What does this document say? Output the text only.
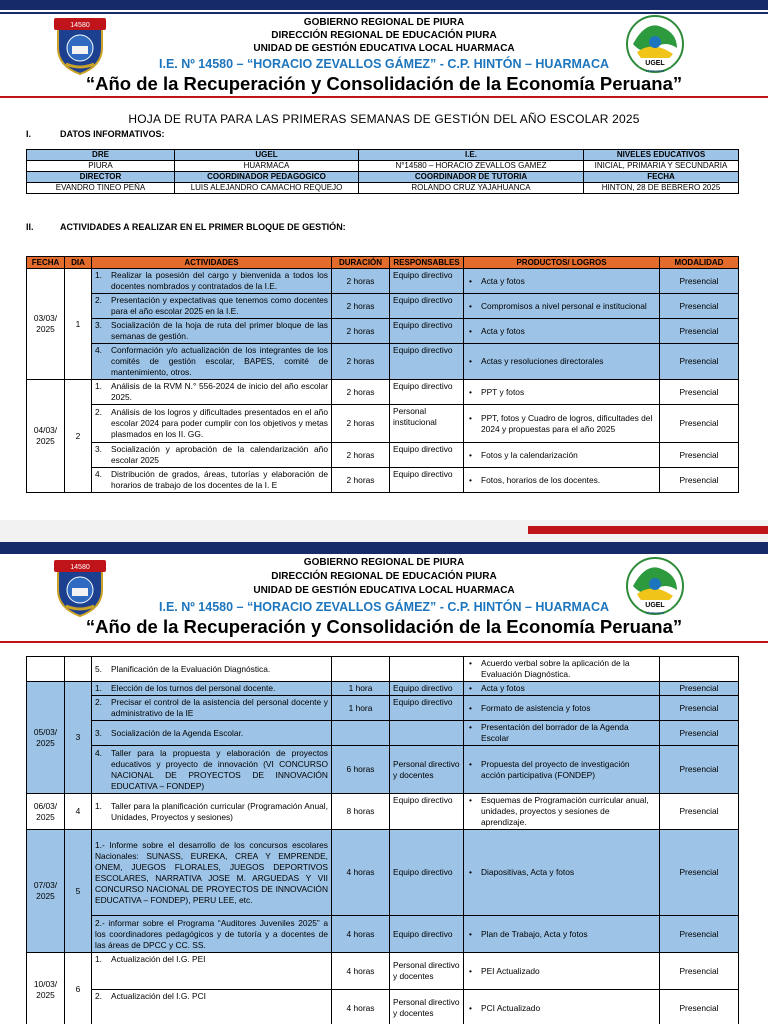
14580
UGEL
Huarmaca
GOBIERNO REGIONAL DE PIURA
DIRECCIÓN REGIONAL DE EDUCACIÓN PIURA
UNIDAD DE GESTIÓN EDUCATIVA LOCAL HUARMACA
I.E. Nº 14580 – “HORACIO ZEVALLOS GÁMEZ” - C.P. HINTÓN – HUARMACA
“Año de la Recuperación y Consolidación de la Economía Peruana”
HOJA DE RUTA PARA LAS PRIMERAS SEMANAS DE GESTIÓN DEL AÑO ESCOLAR 2025
I.	DATOS INFORMATIVOS:
DRE	UGEL	I.E.	NIVELES EDUCATIVOS
PIURA	HUARMACA	N°14580 – HORACIO ZEVALLOS GAMEZ	INICIAL, PRIMARIA Y SECUNDARIA
DIRECTOR	COORDINADOR PEDAGOGICO	COORDINADOR DE TUTORIA	FECHA
EVANDRO TINEO PEÑA	LUIS ALEJANDRO CAMACHO REQUEJO	ROLANDO CRUZ YAJAHUANCA	HINTON, 28 DE BEBRERO 2025
II.	ACTIVIDADES A REALIZAR EN EL PRIMER BLOQUE DE GESTIÓN:
FECHA	DIA	ACTIVIDADES	DURACIÓN	RESPONSABLES	PRODUCTOS/ LOGROS	MODALIDAD
03/03/ 2025	1	1. Realizar la posesión del cargo y bienvenida a todos los docentes nombrados y contratados de la I.E.	2 horas	Equipo directivo	• Acta y fotos	Presencial

		2. Presentación y expectativas que tenemos como docentes para el año escolar 2025 en la I.E.	2 horas	Equipo directivo	• Compromisos a nivel personal e institucional	Presencial

		3. Socialización de la hoja de ruta del primer bloque de las semanas de gestión.	2 horas	Equipo directivo	• Acta y fotos	Presencial

		4. Conformación y/o actualización de los integrantes de los comités de gestión escolar, BAPES, comité de mantenimiento, otros.	2 horas	Equipo directivo	• Actas y resoluciones directorales	Presencial
04/03/ 2025	2	1. Análisis de la RVM N.° 556-2024 de inicio del año escolar 2025.	2 horas	Equipo directivo	• PPT y fotos	Presencial

		2. Análisis de los logros y dificultades presentados en el año escolar 2024 para poder cumplir con los objetivos y metas plasmados en los II. GG.	2 horas	Personal institucional	• PPT, fotos y Cuadro de logros, dificultades del 2024 y propuestas para el año 2025	Presencial

		3. Socialización y aprobación de la calendarización año escolar 2025	2 horas	Equipo directivo	• Fotos y la calendarización	Presencial

		4. Distribución de grados, áreas, tutorías y elaboración de horarios de trabajo de los docentes de la I. E	2 horas	Equipo directivo	• Fotos, horarios de los docentes.	Presencial
14580
UGEL
Huarmaca
GOBIERNO REGIONAL DE PIURA
DIRECCIÓN REGIONAL DE EDUCACIÓN PIURA
UNIDAD DE GESTIÓN EDUCATIVA LOCAL HUARMACA
I.E. Nº 14580 – “HORACIO ZEVALLOS GÁMEZ” - C.P. HINTÓN – HUARMACA
“Año de la Recuperación y Consolidación de la Economía Peruana”

		5. Planificación de la Evaluación Diagnóstica.			• Acuerdo verbal sobre la aplicación de la Evaluación Diagnóstica.

05/03/ 2025	3	1. Elección de los turnos del personal docente.	1 hora	Equipo directivo	• Acta y fotos	Presencial

		2. Precisar el control de la asistencia del personal docente y administrativo de la IE	1 hora	Equipo directivo	• Formato de asistencia y fotos	Presencial

		3. Socialización de la Agenda Escolar.			• Presentación del borrador de la Agenda Escolar	Presencial

		4. Taller para la propuesta y elaboración de proyectos educativos y proyecto de innovación (VI CONCURSO NACIONAL DE PROYECTOS DE INNOVACIÓN EDUCATIVA – FONDEP)	6 horas	Personal directivo y docentes	• Propuesta del proyecto de investigación acción participativa (FONDEP)	Presencial
06/03/ 2025	4	1. Taller para la planificación curricular (Programación Anual, Unidades, Proyectos y sesiones)	8 horas	Equipo directivo	• Esquemas de Programación curricular anual, unidades, proyectos y sesiones de aprendizaje.	Presencial
07/03/ 2025	5	1.- Informe sobre el desarrollo de los concursos escolares Nacionales: SUNASS, EUREKA, CREA Y EMPRENDE, ONEM, JUEGOS FLORALES, JUEGOS DEPORTIVOS ESCOLARES, NARRATIVA JOSE M. ARGUEDAS Y VII CONCURSO NACIONAL DE PROYECTOS DE INNOVACIÓN EDUCATIVA – FONDEP), PERU LEE, etc.	4 horas	Equipo directivo	• Diapositivas, Acta y fotos	Presencial
		2.- informar sobre el Programa “Auditores Juveniles 2025” a los coordinadores pedagógicos y de tutoría y a docentes de las áreas de DPCC y CC. SS.	4 horas	Equipo directivo	• Plan de Trabajo, Acta y fotos	Presencial
10/03/ 2025	6	1. Actualización del I.G. PEI	4 horas	Personal directivo y docentes	• PEI Actualizado	Presencial

		2. Actualización del I.G. PCI	4 horas	Personal directivo y docentes	• PCI Actualizado	Presencial
